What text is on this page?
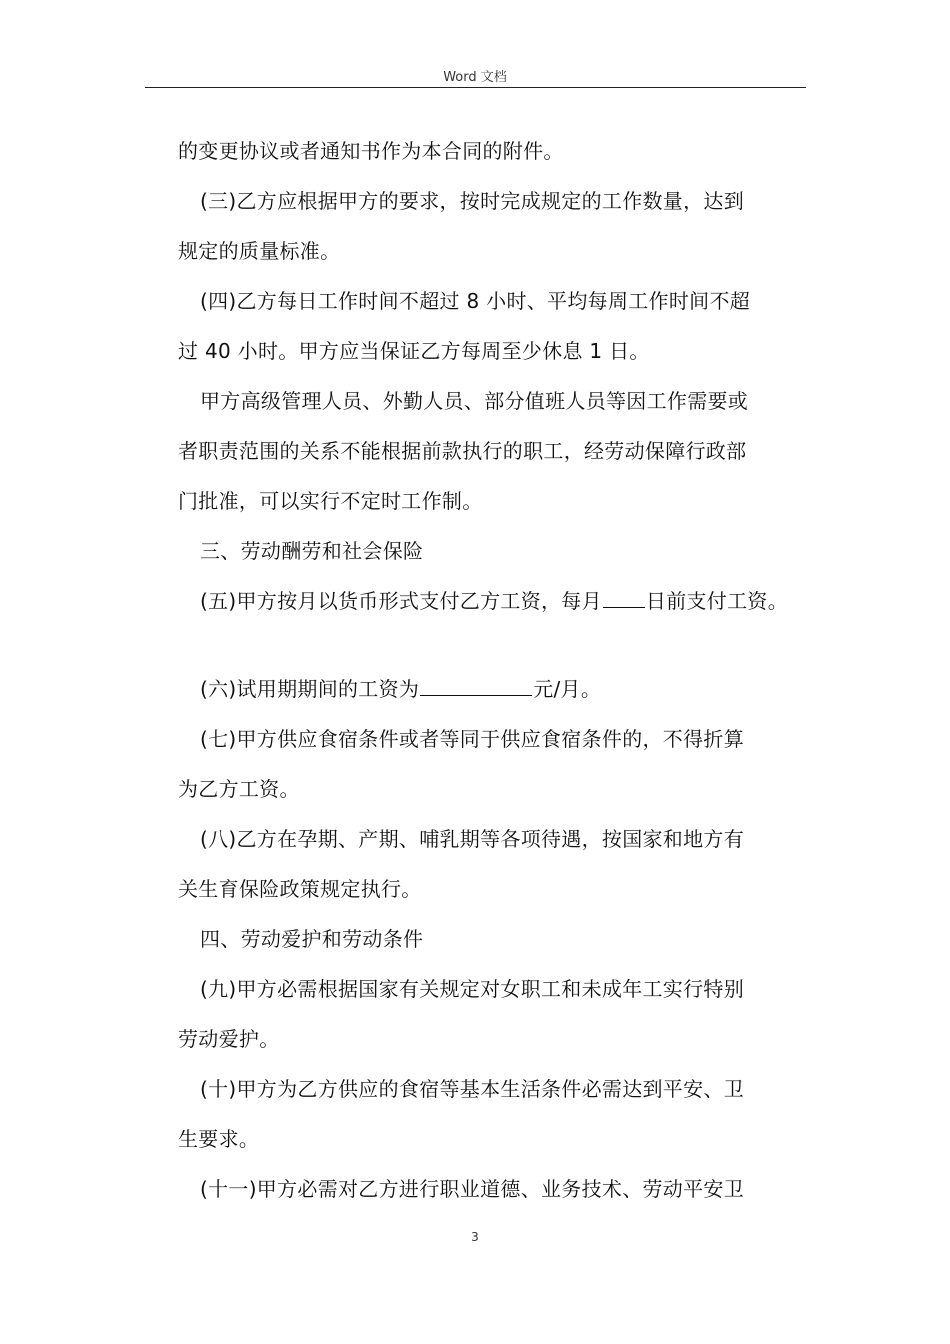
Word 文档
的变更协议或者通知书作为本合同的附件。
(三)乙方应根据甲方的要求，按时完成规定的工作数量，达到
规定的质量标准。
(四)乙方每日工作时间不超过 8 小时、平均每周工作时间不超
过 40 小时。甲方应当保证乙方每周至少休息 1 日。
甲方高级管理人员、外勤人员、部分值班人员等因工作需要或
者职责范围的关系不能根据前款执行的职工，经劳动保障行政部
门批准，可以实行不定时工作制。
三、劳动酬劳和社会保险
(五)甲方按月以货币形式支付乙方工资，每月 日前支付工资。
(六)试用期期间的工资为	元/月。
(七)甲方供应食宿条件或者等同于供应食宿条件的，不得折算
为乙方工资。
(八)乙方在孕期、产期、哺乳期等各项待遇，按国家和地方有
关生育保险政策规定执行。
四、劳动爱护和劳动条件
(九)甲方必需根据国家有关规定对女职工和未成年工实行特别
劳动爱护。
(十)甲方为乙方供应的食宿等基本生活条件必需达到平安、卫
生要求。
(十一)甲方必需对乙方进行职业道德、业务技术、劳动平安卫
3
